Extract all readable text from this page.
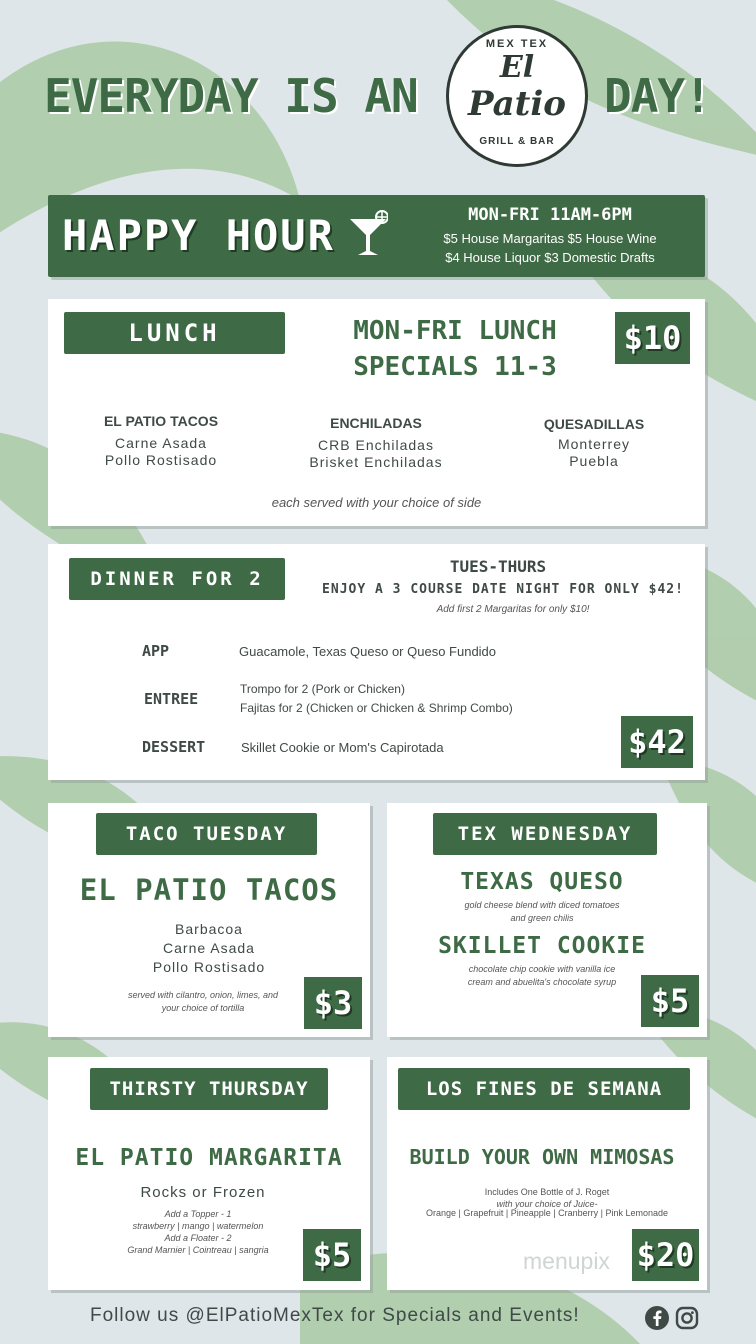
EVERYDAY IS AN	DAY!
MEX TEX
El
Patio
GRILL & BAR
HAPPY HOUR	MON-FRI 11AM-6PM
$5 House Margaritas $5 House Wine
$4 House Liquor $3 Domestic Drafts
LUNCH	MON-FRI LUNCH
SPECIALS 11-3
$10
EL PATIO TACOS
Carne Asada
Pollo Rostisado
ENCHILADAS
CRB Enchiladas
Brisket Enchiladas
QUESADILLAS
Monterrey
Puebla
each served with your choice of side
DINNER FOR 2
TUES-THURS
ENJOY A 3 COURSE DATE NIGHT FOR ONLY $42!
Add first 2 Margaritas for only $10!
APP	Guacamole, Texas Queso or Queso Fundido
ENTREE
Trompo for 2 (Pork or Chicken)
Fajitas for 2 (Chicken or Chicken & Shrimp Combo)
DESSERT	Skillet Cookie or Mom's Capirotada	$42
TACO TUESDAY
EL PATIO TACOS
Barbacoa
Carne Asada
Pollo Rostisado
served with cilantro, onion, limes, and
your choice of tortilla	$3
TEX WEDNESDAY
TEXAS QUESO
gold cheese blend with diced tomatoes
and green chilis
SKILLET COOKIE
chocolate chip cookie with vanilla ice
cream and abuelita's chocolate syrup	$5
THIRSTY THURSDAY
EL PATIO MARGARITA
Rocks or Frozen
Add a Topper - 1
strawberry | mango | watermelon
Add a Floater - 2
Grand Marnier | Cointreau | sangria	$5
LOS FINES DE SEMANA
BUILD YOUR OWN MIMOSAS
Includes One Bottle of J. Roget
with your choice of Juice-
Orange | Grapefruit | Pineapple | Cranberry | Pink Lemonade
menupix $20
Follow us @ElPatioMexTex for Specials and Events!
